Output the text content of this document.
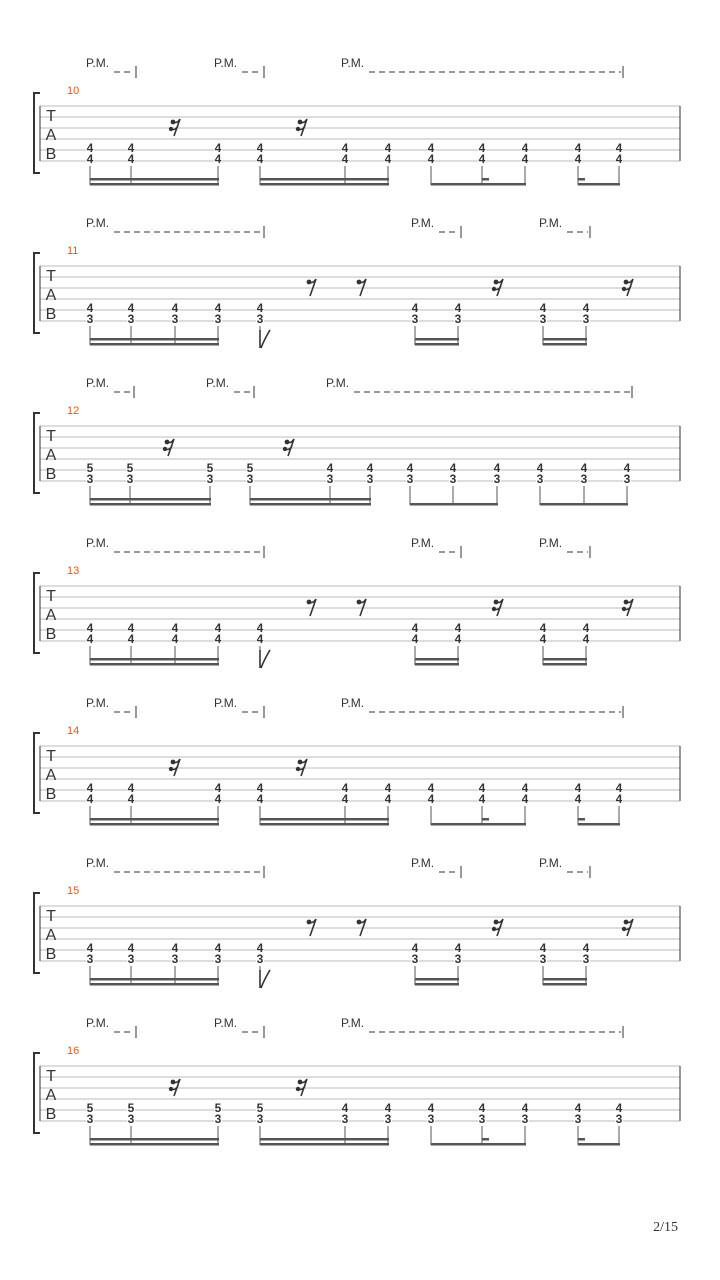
P.M.	P.M.	P.M.
10
T
A
B	4
4
4
4
4
4
4
4
4
4
4
4
4
4
4
4
4
4
4
4
4
4
P.M.	P.M.	P.M.
11
T
A
B	4
3
4
3
4
3
4
3
4
3
4
3
4
3
4
3
4
3
P.M.	P.M.	P.M.
12
T
A
B	5
3
5
3
5
3
5
3
4
3
4
3
4
3
4
3
4
3
4
3
4
3
4
3
P.M.	P.M.	P.M.
13
T
A
B	4
4
4
4
4
4
4
4
4
4
4
4
4
4
4
4
4
4
P.M.	P.M.	P.M.
14
T
A
B	4
4
4
4
4
4
4
4
4
4
4
4
4
4
4
4
4
4
4
4
4
4
P.M.	P.M.	P.M.
15
T
A
B	4
3
4
3
4
3
4
3
4
3
4
3
4
3
4
3
4
3
P.M.	P.M.	P.M.
16
T
A
B	5
3
5
3
5
3
5
3
4
3
4
3
4
3
4
3
4
3
4
3
4
3
2/15
